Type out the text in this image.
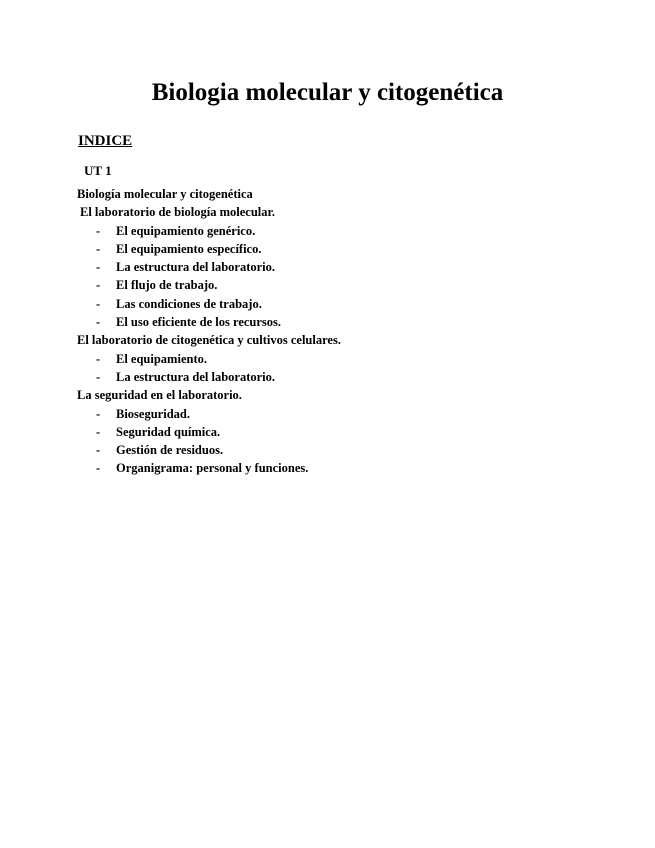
Biologia molecular y citogenética
INDICE
UT 1
Biología molecular y citogenética
El laboratorio de biología molecular.
-	El equipamiento genérico.
-	El equipamiento específico.
-	La estructura del laboratorio.
-	El flujo de trabajo.
-	Las condiciones de trabajo.
-	El uso eficiente de los recursos.
El laboratorio de citogenética y cultivos celulares.
-	El equipamiento.
-	La estructura del laboratorio.
La seguridad en el laboratorio.
-	Bioseguridad.
-	Seguridad química.
-	Gestión de residuos.
-	Organigrama: personal y funciones.
